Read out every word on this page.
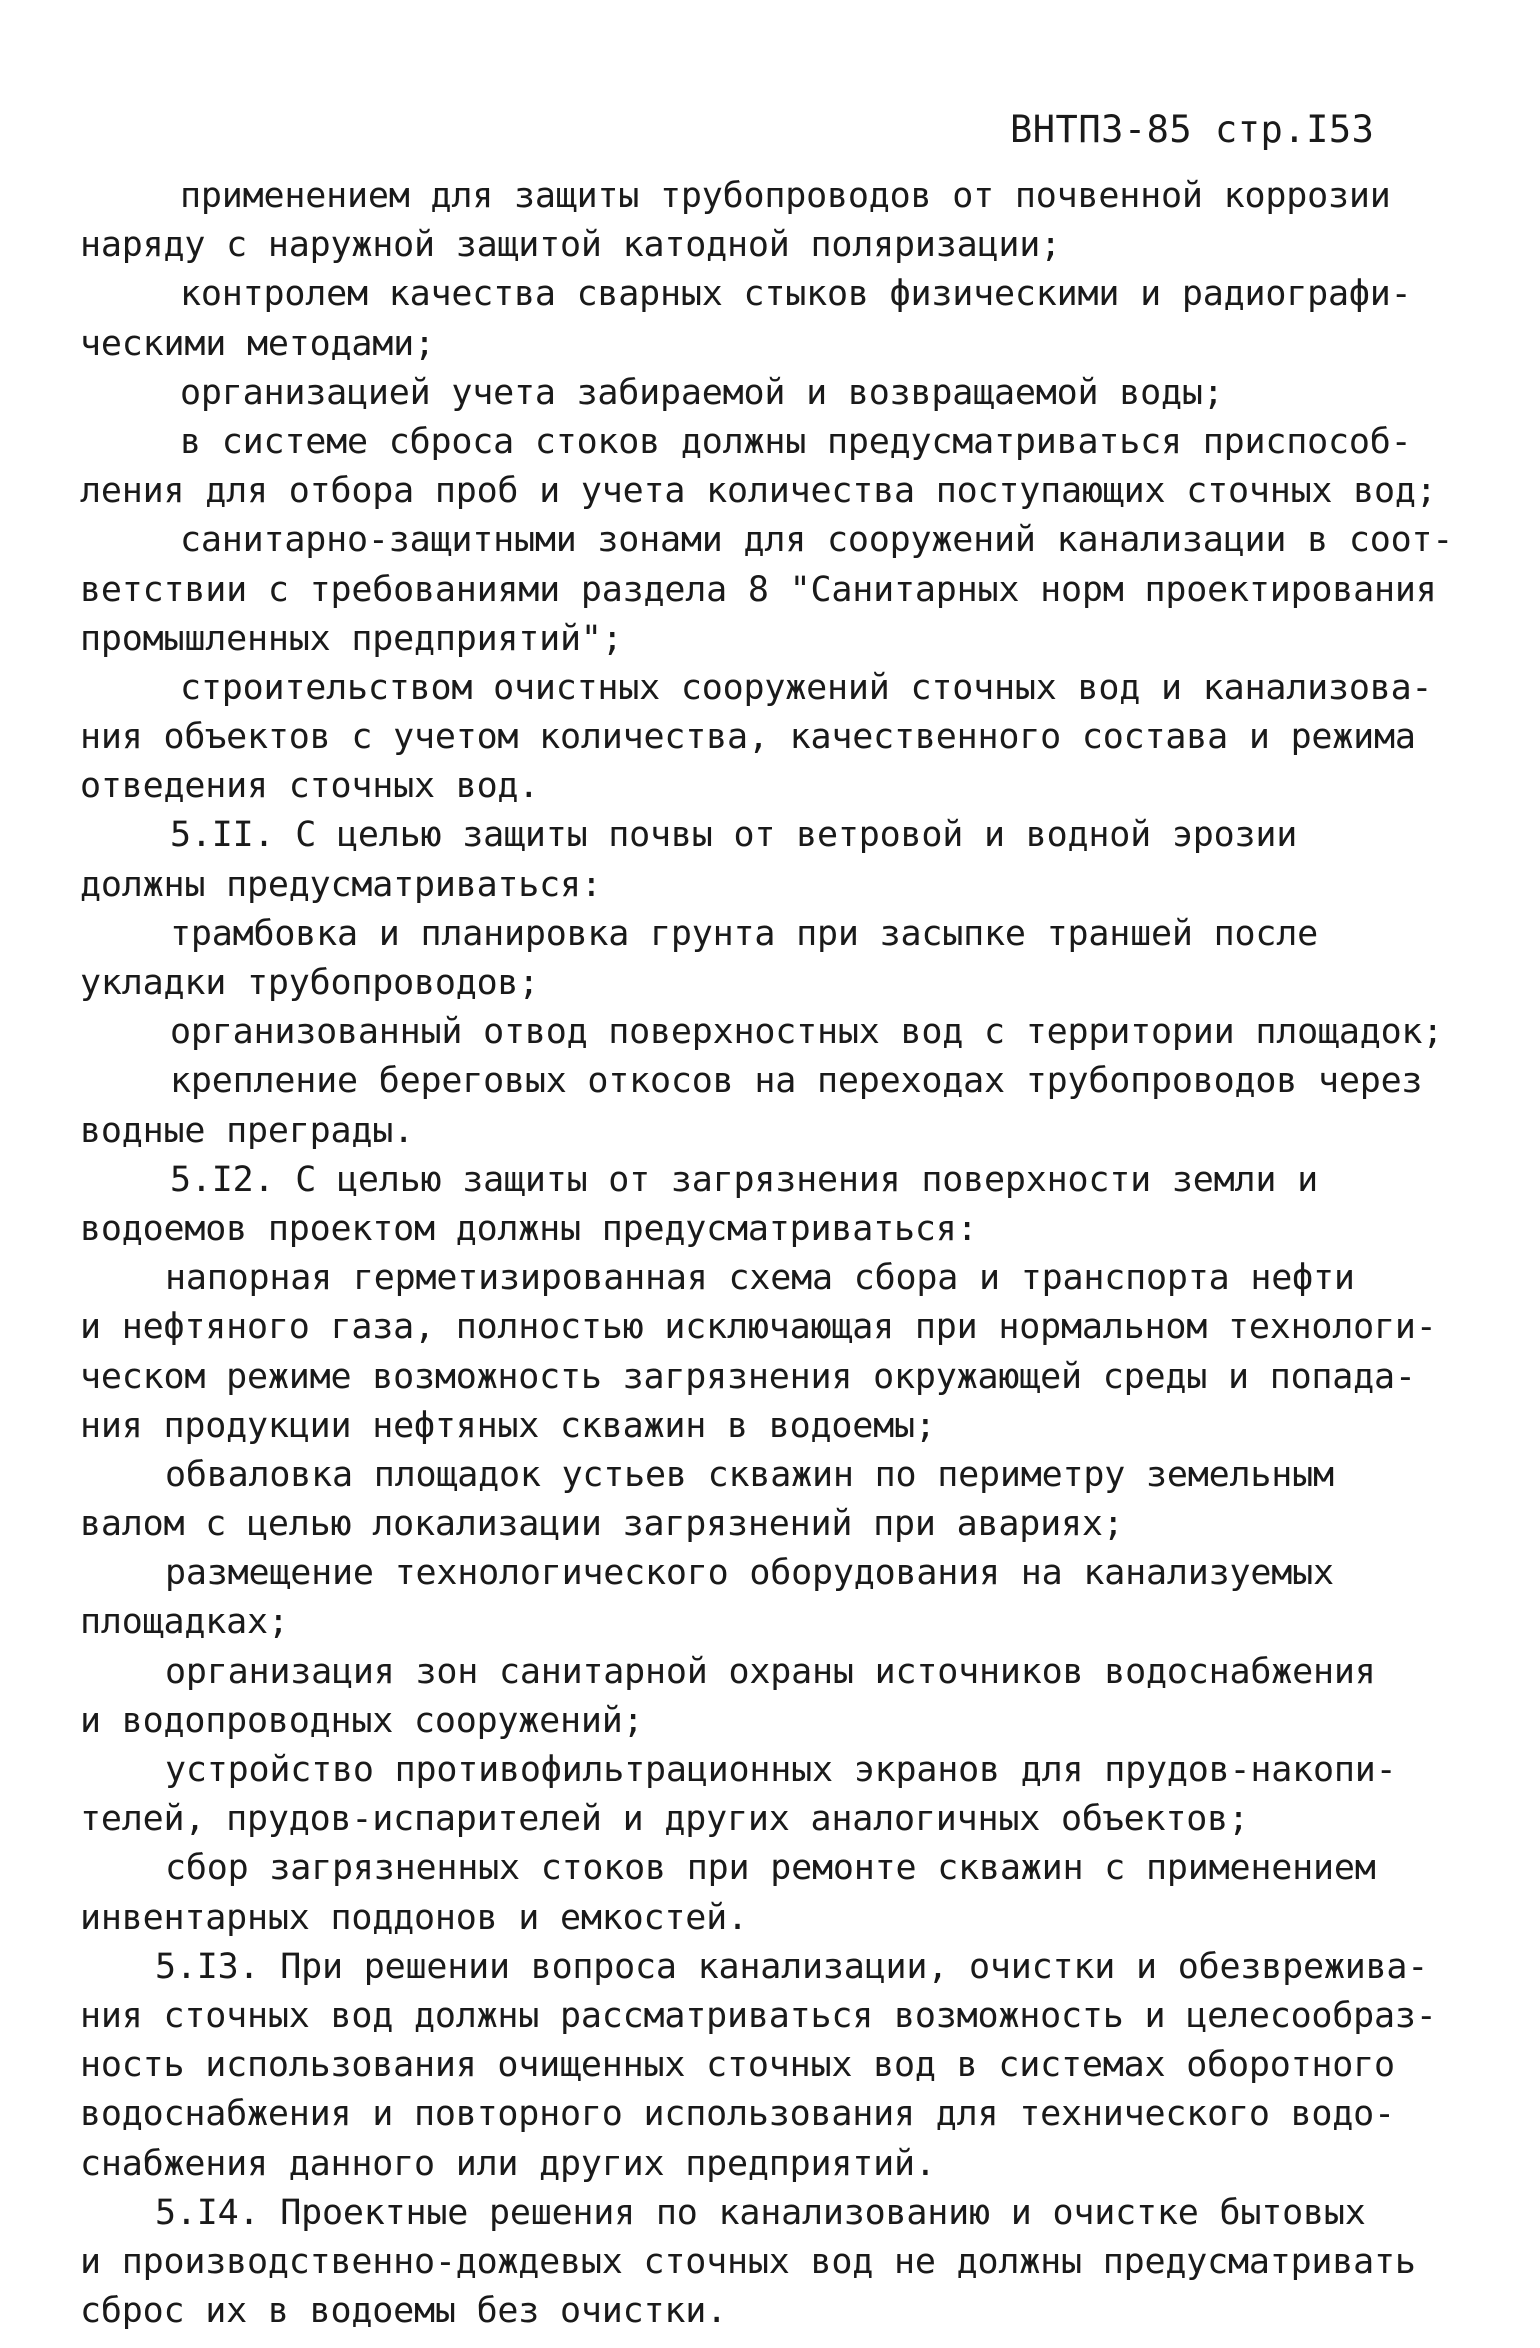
ВНТП3-85 стр.I53
применением для защиты трубопроводов от почвенной коррозии
наряду с наружной защитой катодной поляризации;
контролем качества сварных стыков физическими и радиографи-
ческими методами;
организацией учета забираемой и возвращаемой воды;
в системе сброса стоков должны предусматриваться приспособ-
ления для отбора проб и учета количества поступающих сточных вод;
санитарно-защитными зонами для сооружений канализации в соот-
ветствии с требованиями раздела 8 "Санитарных норм проектирования
промышленных предприятий";
строительством очистных сооружений сточных вод и канализова-
ния объектов с учетом количества, качественного состава и режима
отведения сточных вод.
5.II. С целью защиты почвы от ветровой и водной эрозии
должны предусматриваться:
трамбовка и планировка грунта при засыпке траншей после
укладки трубопроводов;
организованный отвод поверхностных вод с территории площадок;
крепление береговых откосов на переходах трубопроводов через
водные преграды.
5.I2. С целью защиты от загрязнения поверхности земли и
водоемов проектом должны предусматриваться:
напорная герметизированная схема сбора и транспорта нефти
и нефтяного газа, полностью исключающая при нормальном технологи-
ческом режиме возможность загрязнения окружающей среды и попада-
ния продукции нефтяных скважин в водоемы;
обваловка площадок устьев скважин по периметру земельным
валом с целью локализации загрязнений при авариях;
размещение технологического оборудования на канализуемых
площадках;
организация зон санитарной охраны источников водоснабжения
и водопроводных сооружений;
устройство противофильтрационных экранов для прудов-накопи-
телей, прудов-испарителей и других аналогичных объектов;
сбор загрязненных стоков при ремонте скважин с применением
инвентарных поддонов и емкостей.
5.I3. При решении вопроса канализации, очистки и обезврежива-
ния сточных вод должны рассматриваться возможность и целесообраз-
ность использования очищенных сточных вод в системах оборотного
водоснабжения и повторного использования для технического водо-
снабжения данного или других предприятий.
5.I4. Проектные решения по канализованию и очистке бытовых
и производственно-дождевых сточных вод не должны предусматривать
сброс их в водоемы без очистки.
